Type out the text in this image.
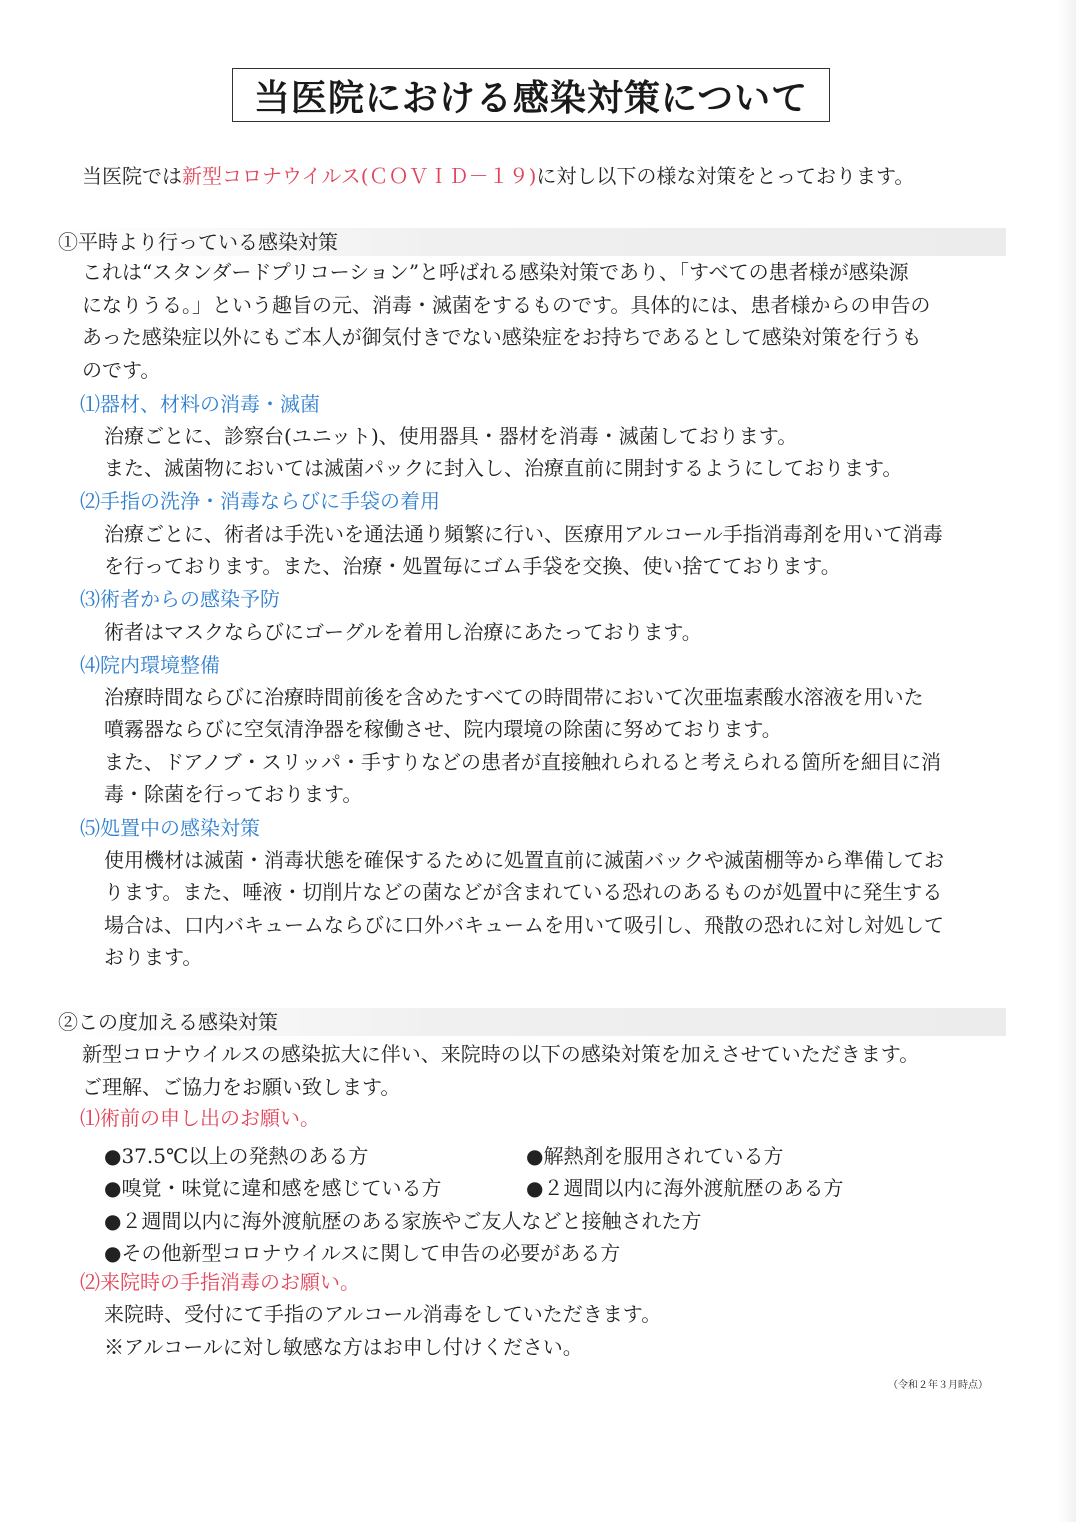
当医院における感染対策について
当医院では新型コロナウイルス(ＣＯＶＩＤ－１９)に対し以下の様な対策をとっております。
①平時より行っている感染対策
これは“スタンダードプリコーション”と呼ばれる感染対策であり、「すべての患者様が感染源
になりうる。」という趣旨の元、消毒・滅菌をするものです。具体的には、患者様からの申告の
あった感染症以外にもご本人が御気付きでない感染症をお持ちであるとして感染対策を行うも
のです。
⑴器材、材料の消毒・滅菌
治療ごとに、診察台(ユニット)、使用器具・器材を消毒・滅菌しております。
また、滅菌物においては滅菌パックに封入し、治療直前に開封するようにしております。
⑵手指の洗浄・消毒ならびに手袋の着用
治療ごとに、術者は手洗いを通法通り頻繁に行い、医療用アルコール手指消毒剤を用いて消毒
を行っております。また、治療・処置毎にゴム手袋を交換、使い捨てております。
⑶術者からの感染予防
術者はマスクならびにゴーグルを着用し治療にあたっております。
⑷院内環境整備
治療時間ならびに治療時間前後を含めたすべての時間帯において次亜塩素酸水溶液を用いた
噴霧器ならびに空気清浄器を稼働させ、院内環境の除菌に努めております。
また、ドアノブ・スリッパ・手すりなどの患者が直接触れられると考えられる箇所を細目に消
毒・除菌を行っております。
⑸処置中の感染対策
使用機材は滅菌・消毒状態を確保するために処置直前に滅菌バックや滅菌棚等から準備してお
ります。また、唾液・切削片などの菌などが含まれている恐れのあるものが処置中に発生する
場合は、口内バキュームならびに口外バキュームを用いて吸引し、飛散の恐れに対し対処して
おります。
②この度加える感染対策
新型コロナウイルスの感染拡大に伴い、来院時の以下の感染対策を加えさせていただきます。
ご理解、ご協力をお願い致します。
⑴術前の申し出のお願い。
●37.5℃以上の発熱のある方	●解熱剤を服用されている方
●嗅覚・味覚に違和感を感じている方	●２週間以内に海外渡航歴のある方
●２週間以内に海外渡航歴のある家族やご友人などと接触された方
●その他新型コロナウイルスに関して申告の必要がある方
⑵来院時の手指消毒のお願い。
来院時、受付にて手指のアルコール消毒をしていただきます。
※アルコールに対し敏感な方はお申し付けください。
（令和２年３月時点）
